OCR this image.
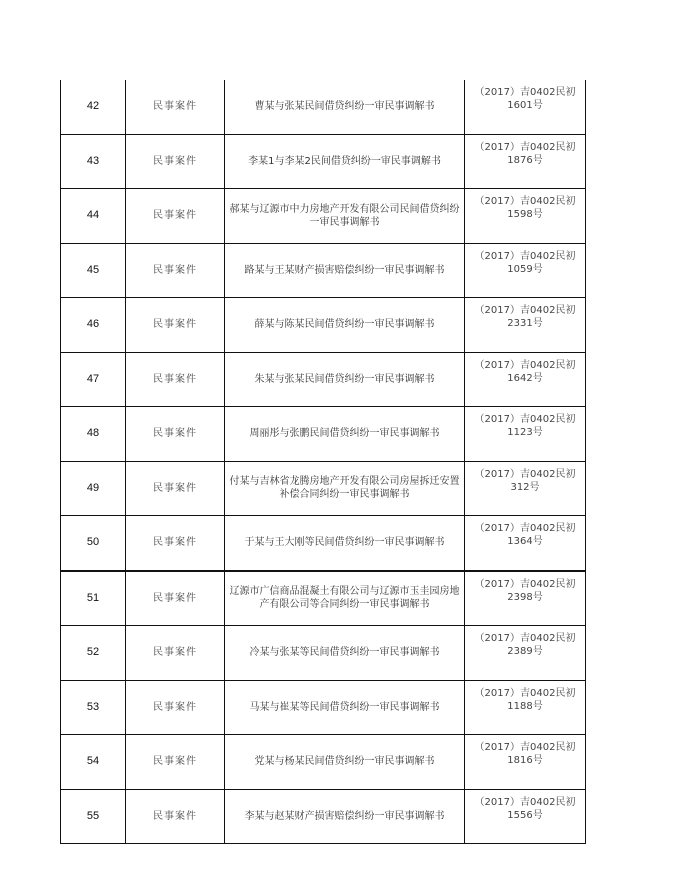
42	民事案件	曹某与张某民间借贷纠纷一审民事调解书	（2017）吉0402民初
1601号

43	民事案件	李某1与李某2民间借贷纠纷一审民事调解书	（2017）吉0402民初
1876号

44	民事案件	郝某与辽源市中力房地产开发有限公司民间借贷纠纷一审民事调解书	（2017）吉0402民初
1598号

45	民事案件	路某与王某财产损害赔偿纠纷一审民事调解书	（2017）吉0402民初
1059号

46	民事案件	薛某与陈某民间借贷纠纷一审民事调解书	（2017）吉0402民初
2331号

47	民事案件	朱某与张某民间借贷纠纷一审民事调解书	（2017）吉0402民初
1642号

48	民事案件	周丽彤与张鹏民间借贷纠纷一审民事调解书	（2017）吉0402民初
1123号

49	民事案件	付某与吉林省龙腾房地产开发有限公司房屋拆迁安置补偿合同纠纷一审民事调解书	（2017）吉0402民初
312号

50	民事案件	于某与王大刚等民间借贷纠纷一审民事调解书	（2017）吉0402民初
1364号

51	民事案件	辽源市广信商品混凝土有限公司与辽源市玉圭园房地产有限公司等合同纠纷一审民事调解书	（2017）吉0402民初
2398号

52	民事案件	冷某与张某等民间借贷纠纷一审民事调解书	（2017）吉0402民初
2389号

53	民事案件	马某与崔某等民间借贷纠纷一审民事调解书	（2017）吉0402民初
1188号

54	民事案件	党某与杨某民间借贷纠纷一审民事调解书	（2017）吉0402民初
1816号

55	民事案件	李某与赵某财产损害赔偿纠纷一审民事调解书	（2017）吉0402民初
1556号
